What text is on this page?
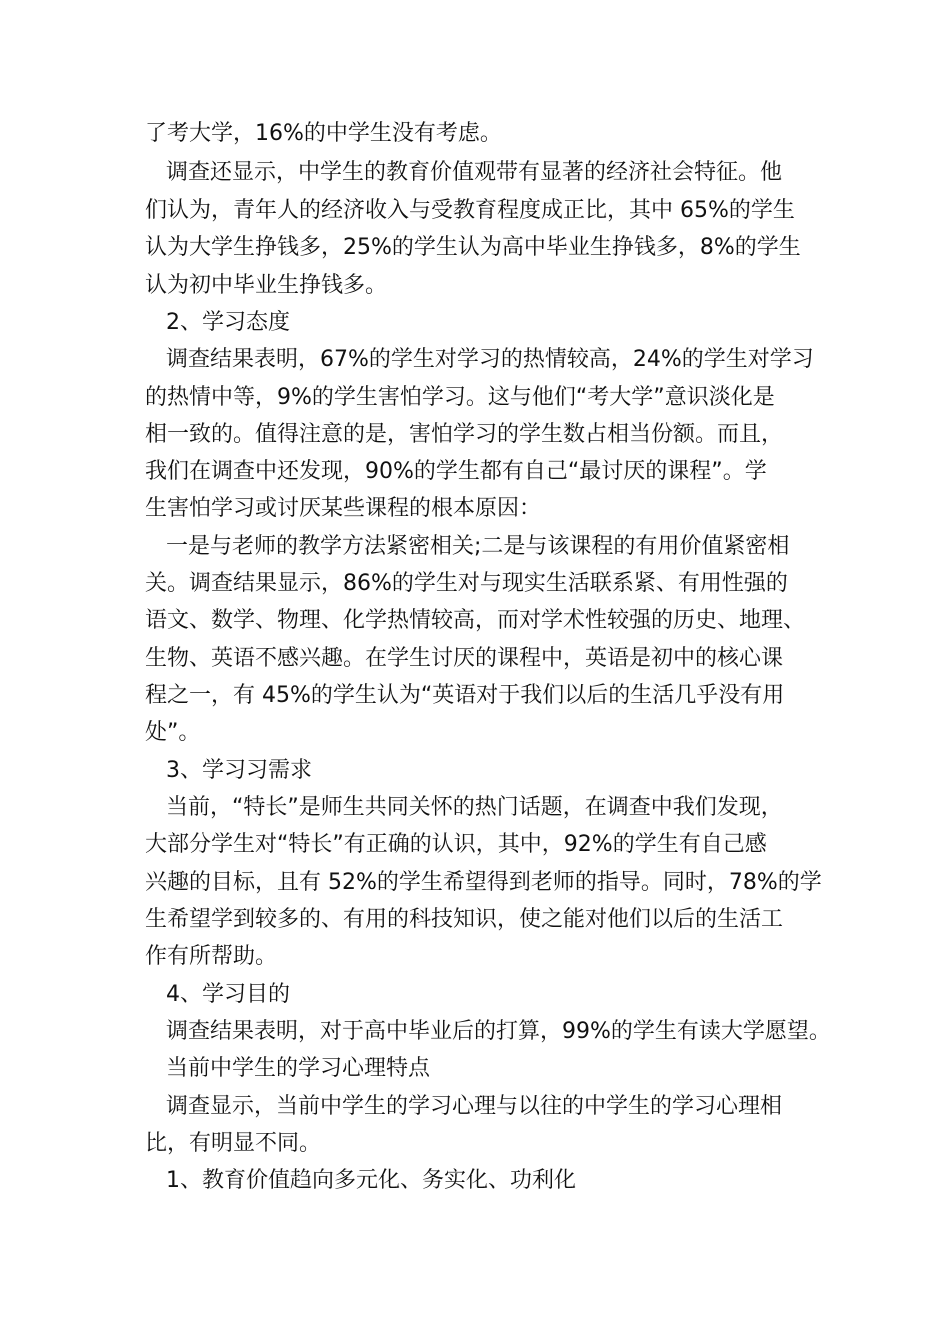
了考大学，16%的中学生没有考虑。

调查还显示，中学生的教育价值观带有显著的经济社会特征。他

们认为，青年人的经济收入与受教育程度成正比，其中 65%的学生

认为大学生挣钱多，25%的学生认为高中毕业生挣钱多，8%的学生

认为初中毕业生挣钱多。

2、学习态度

调查结果表明，67%的学生对学习的热情较高，24%的学生对学习

的热情中等，9%的学生害怕学习。这与他们“考大学”意识淡化是

相一致的。值得注意的是，害怕学习的学生数占相当份额。而且，

我们在调查中还发现，90%的学生都有自己“最讨厌的课程”。学

生害怕学习或讨厌某些课程的根本原因：

一是与老师的教学方法紧密相关;二是与该课程的有用价值紧密相

关。调查结果显示，86%的学生对与现实生活联系紧、有用性强的

语文、数学、物理、化学热情较高，而对学术性较强的历史、地理、

生物、英语不感兴趣。在学生讨厌的课程中，英语是初中的核心课

程之一，有 45%的学生认为“英语对于我们以后的生活几乎没有用

处”。

3、学习习需求

当前，“特长”是师生共同关怀的热门话题，在调查中我们发现，

大部分学生对“特长”有正确的认识，其中，92%的学生有自己感

兴趣的目标，且有 52%的学生希望得到老师的指导。同时，78%的学

生希望学到较多的、有用的科技知识，使之能对他们以后的生活工

作有所帮助。

4、学习目的

调查结果表明，对于高中毕业后的打算，99%的学生有读大学愿望。

当前中学生的学习心理特点

调查显示，当前中学生的学习心理与以往的中学生的学习心理相

比，有明显不同。

1、教育价值趋向多元化、务实化、功利化
